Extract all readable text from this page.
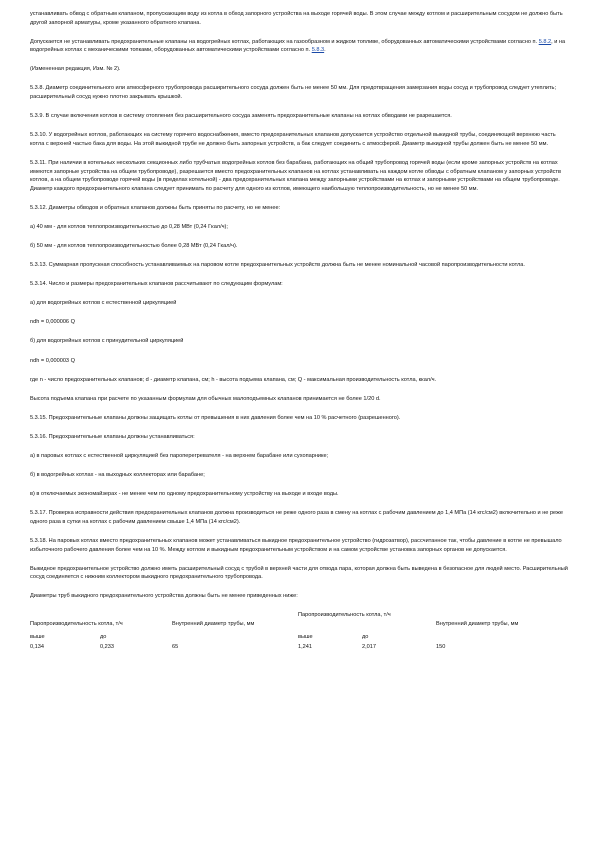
устанавливать обвод с обратным клапаном, пропускающим воду из котла в обход запорного устройства на выходе горячей воды. В этом случае между котлом и расширительным сосудом не должно быть другой запорной арматуры, кроме указанного обратного клапана.

Допускается не устанавливать предохранительные клапаны на водогрейных котлах, работающих на газообразном и жидком топливе, оборудованных автоматическими устройствами согласно п. 5.8.2, и на водогрейных котлах с механическими топками, оборудованных автоматическими устройствами согласно п. 5.8.3.

(Измененная редакция, Изм. № 2).

5.3.8. Диаметр соединительного или атмосферного трубопровода расширительного сосуда должен быть не менее 50 мм. Для предотвращения замерзания воды сосуд и трубопровод следует утеплить; расширительный сосуд нужно плотно закрывать крышкой.

5.3.9. В случае включения котлов в систему отопления без расширительного сосуда заменять предохранительные клапаны на котлах обводами не разрешается.

5.3.10. У водогрейных котлов, работающих на систему горячего водоснабжения, вместо предохранительных клапанов допускается устройство отдельной выкидной трубы, соединяющей верхнюю часть котла с верхней частью бака для воды. На этой выкидной трубе не должно быть запорных устройств, а бак следует соединить с атмосферой. Диаметр выкидной трубы должен быть не менее 50 мм.

5.3.11. При наличии в котельных нескольких секционных либо трубчатых водогрейных котлов без барабана, работающих на общий трубопровод горячей воды (если кроме запорных устройств на котлах имеются запорные устройства на общем трубопроводе), разрешается вместо предохранительных клапанов на котлах устанавливать на каждом котле обводы с обратным клапаном у запорных устройств котлов, а на общем трубопроводе горячей воды (в пределах котельной) - два предохранительных клапана между запорными устройствами на котлах и запорными устройствами на общем трубопроводе. Диаметр каждого предохранительного клапана следует принимать по расчету для одного из котлов, имеющего наибольшую теплопроизводительность, но не менее 50 мм.

5.3.12. Диаметры обводов и обратных клапанов должны быть приняты по расчету, но не менее:

а) 40 мм - для котлов теплопроизводительностью до 0,28 МВт (0,24 Гкал/ч);

б) 50 мм - для котлов теплопроизводительностью более 0,28 МВт (0,24 Гкал/ч).

5.3.13. Суммарная пропускная способность устанавливаемых на паровом котле предохранительных устройств должна быть не менее номинальной часовой паропроизводительности котла.

5.3.14. Число и размеры предохранительных клапанов рассчитывают по следующим формулам:

а) для водогрейных котлов с естественной циркуляцией

ndh = 0,000006 Q

б) для водогрейных котлов с принудительной циркуляцией

ndh = 0,000003 Q

где n - число предохранительных клапанов; d - диаметр клапана, см; h - высота подъема клапана, см; Q - максимальная производительность котла, ккал/ч.

Высота подъема клапана при расчете по указанным формулам для обычных малоподъемных клапанов принимается не более 1/20 d.

5.3.15. Предохранительные клапаны должны защищать котлы от превышения в них давления более чем на 10 % расчетного (разрешенного).

5.3.16. Предохранительные клапаны должны устанавливаться:

а) в паровых котлах с естественной циркуляцией без пароперегревателя - на верхнем барабане или сухопарнике;

б) в водогрейных котлах - на выходных коллекторах или барабане;

в) в отключаемых экономайзерах - не менее чем по одному предохранительному устройству на выходе и входе воды.

5.3.17. Проверка исправности действия предохранительных клапанов должна производиться не реже одного раза в смену на котлах с рабочим давлением до 1,4 МПа (14 кгс/см2) включительно и не реже одного раза в сутки на котлах с рабочим давлением свыше 1,4 МПа (14 кгс/см2).

5.3.18. На паровых котлах вместо предохранительных клапанов может устанавливаться выкидное предохранительное устройство (гидрозатвор), рассчитанное так, чтобы давление в котле не превышало избыточного рабочего давления более чем на 10 %. Между котлом и выкидным предохранительным устройством и на самом устройстве установка запорных органов не допускается.

Выкидное предохранительное устройство должно иметь расширительный сосуд с трубой в верхней части для отвода пара, которая должна быть выведена в безопасное для людей место. Расширительный сосуд соединяется с нижним коллектором выкидного предохранительного трубопровода.

Диаметры труб выкидного предохранительного устройства должны быть не менее приведенных ниже:

Паропроизводительность котла, т/ч		Внутренний диаметр трубы, мм	Паропроизводительность котла, т/ч		Внутренний диаметр трубы, мм
выше	до		выше	до	
0,134	0,233	65	1,241	2,017	150
